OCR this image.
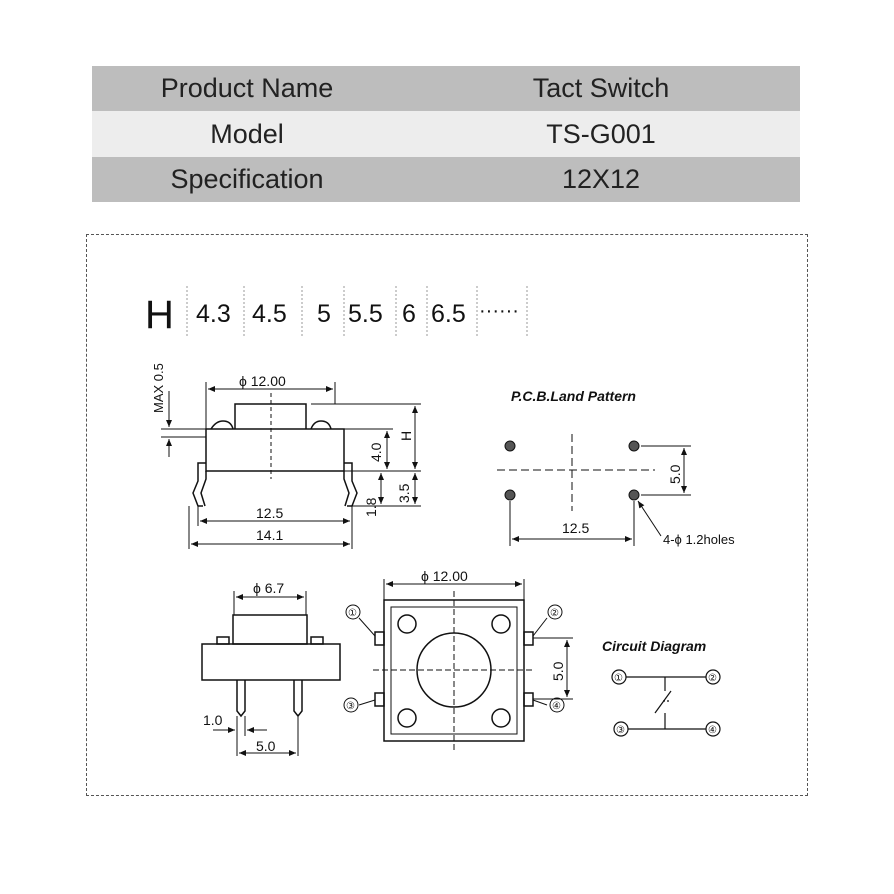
Product Name	Tact Switch
Model	TS-G001
Specification	12X12
H 4.3 4.5 5 5.5 6 6.5 ······
ϕ 12.00
MAX 0.5
H
4.0
3.5
1.8
12.5
14.1
P.C.B.Land Pattern
5.0
12.5
4-ϕ 1.2holes
ϕ 6.7
1.0
5.0
ϕ 12.00
5.0
①	②
③	④
Circuit Diagram
①	②
③	④
